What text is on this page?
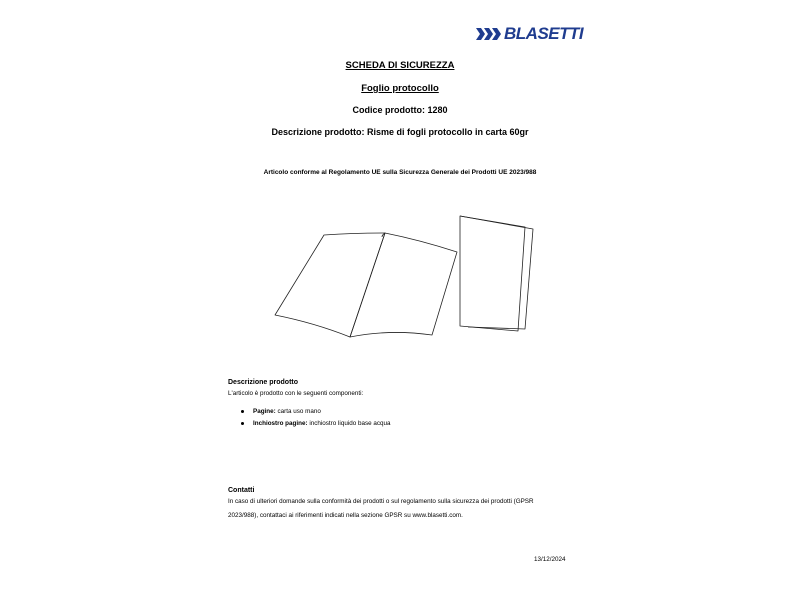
BLASETTI
SCHEDA DI SICUREZZA
Foglio protocollo
Codice prodotto: 1280
Descrizione prodotto: Risme di fogli protocollo in carta 60gr
Articolo conforme al Regolamento UE sulla Sicurezza Generale dei Prodotti UE 2023/988
Descrizione prodotto
L'articolo è prodotto con le seguenti componenti:
Pagine: carta uso mano
Inchiostro pagine: inchiostro liquido base acqua
Contatti
In caso di ulteriori domande sulla conformità dei prodotti o sul regolamento sulla sicurezza dei prodotti (GPSR
2023/988), contattaci ai riferimenti indicati nella sezione GPSR su www.blasetti.com.
13/12/2024
